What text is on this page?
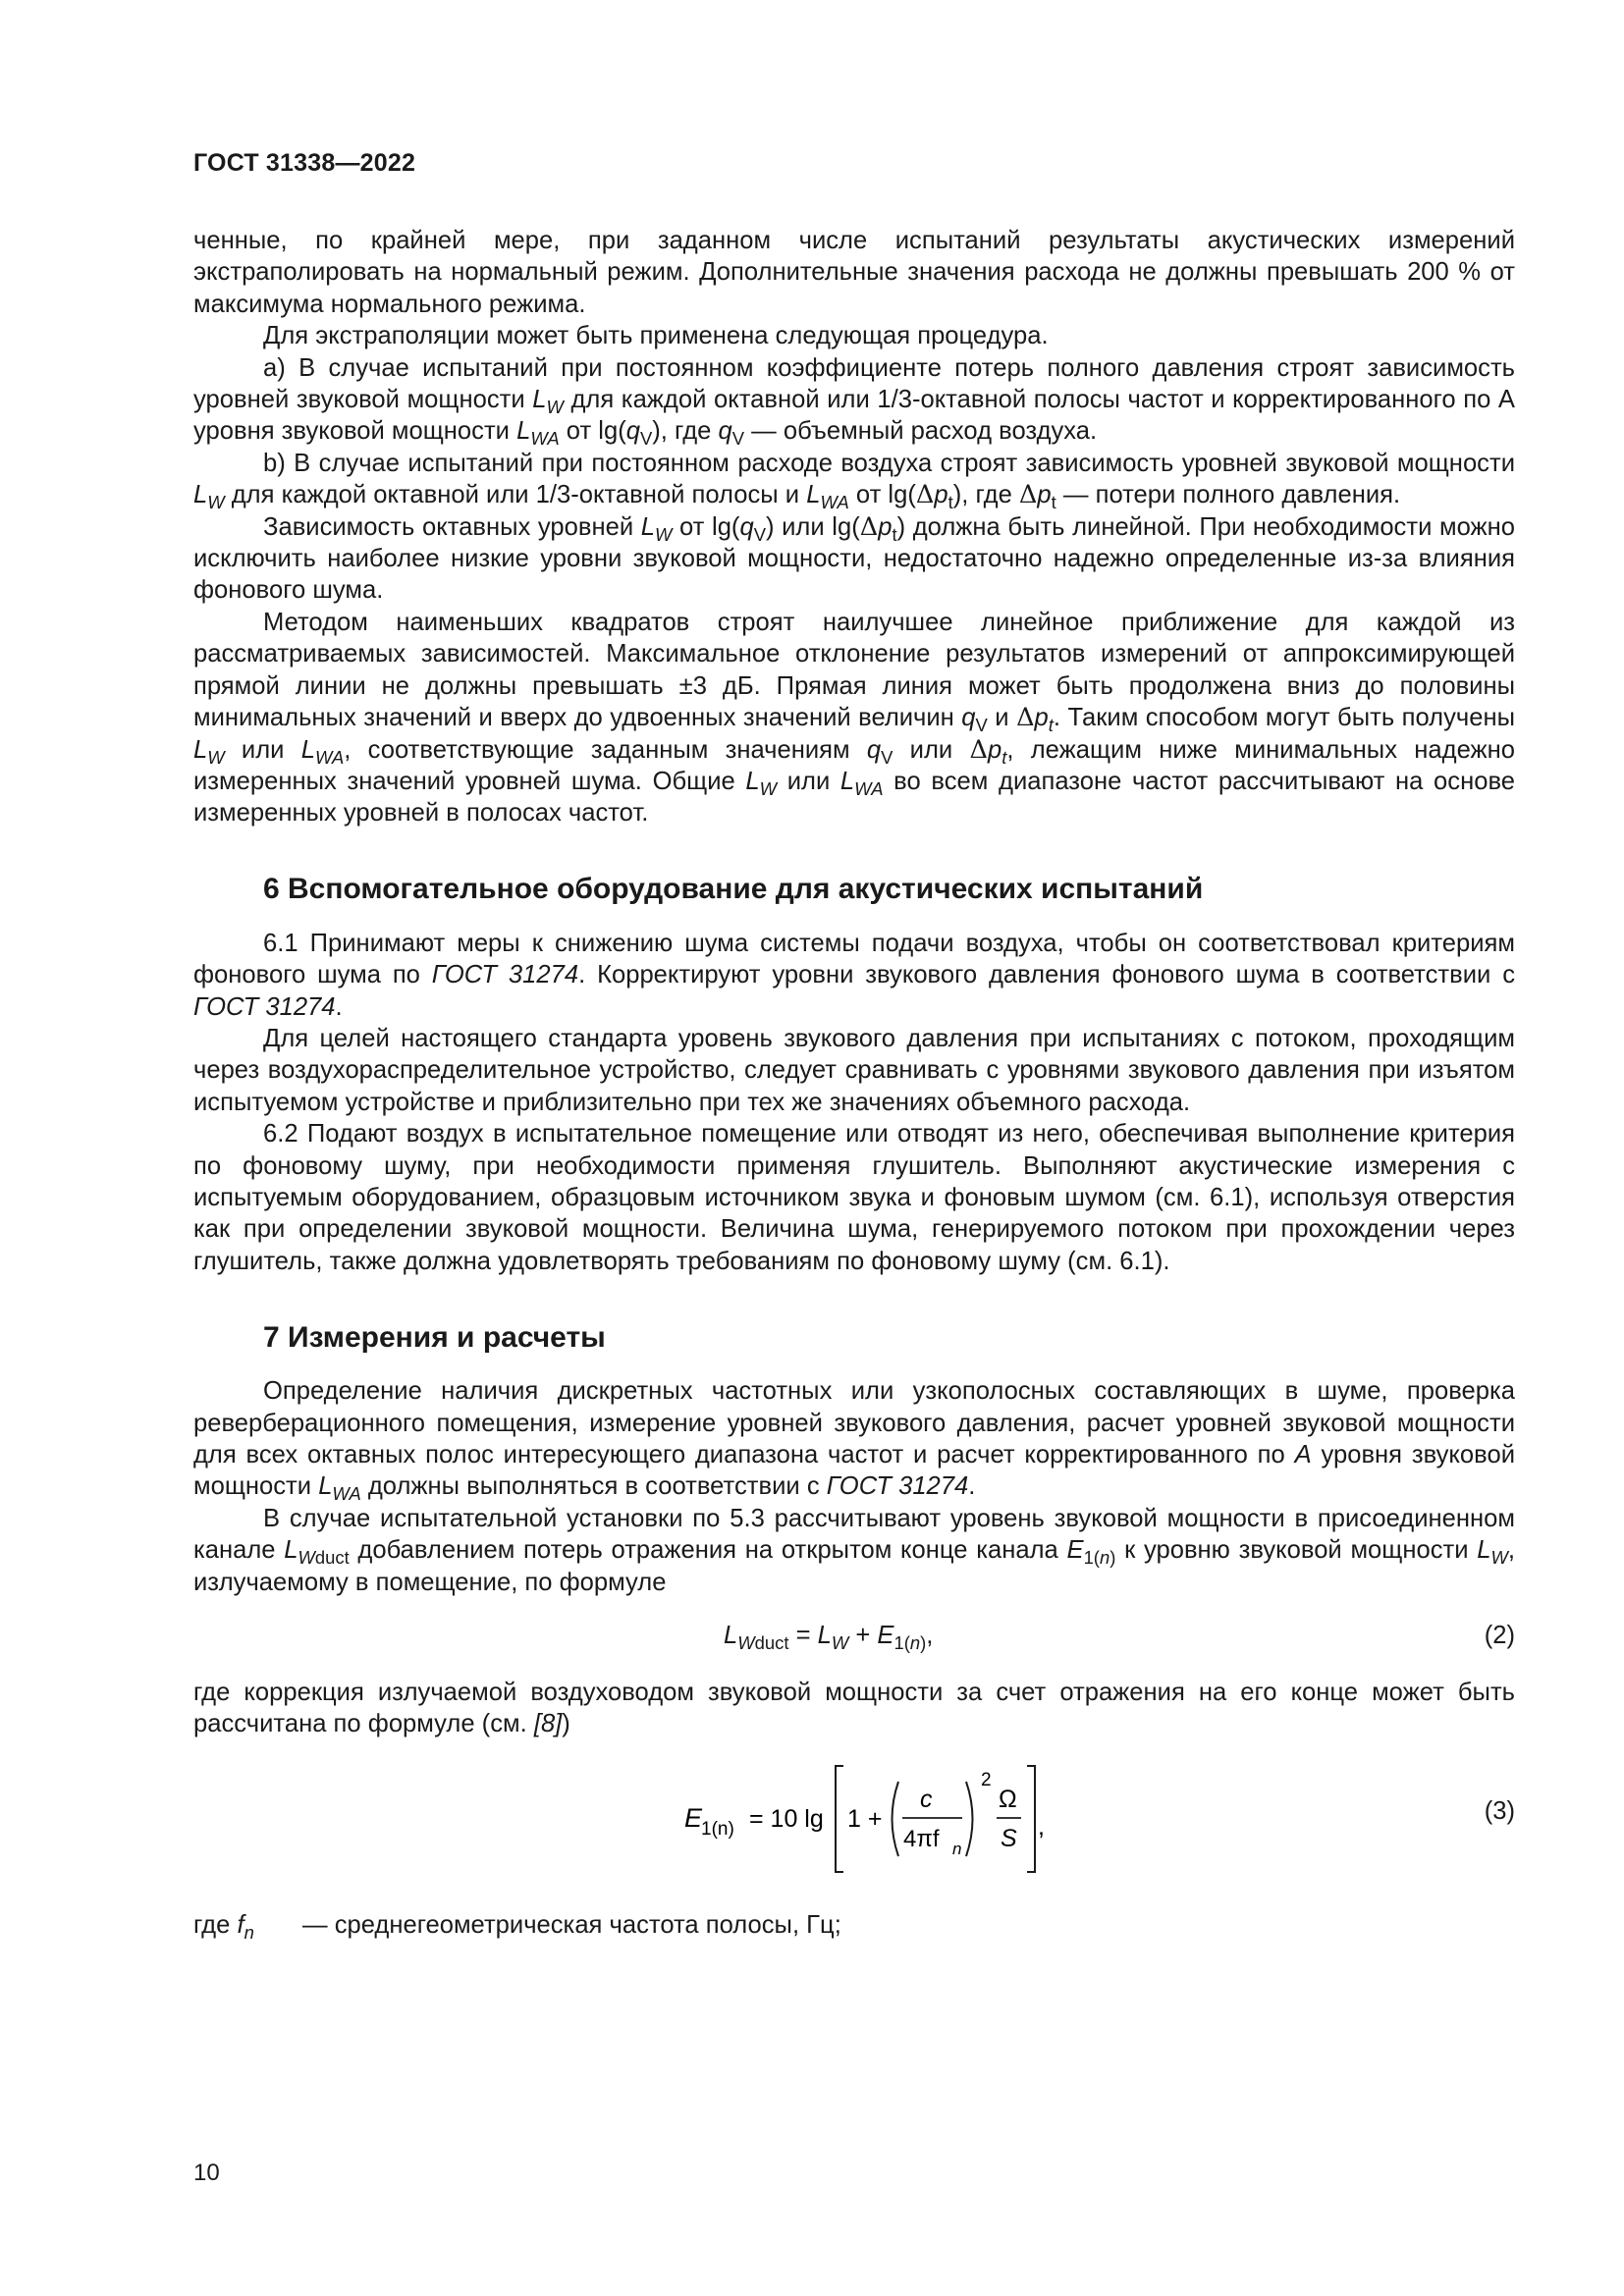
ГОСТ 31338—2022

ченные, по крайней мере, при заданном числе испытаний результаты акустических измерений экстраполировать на нормальный режим. Дополнительные значения расхода не должны превышать 200 % от максимума нормального режима.

Для экстраполяции может быть применена следующая процедура.

a) В случае испытаний при постоянном коэффициенте потерь полного давления строят зависимость уровней звуковой мощности $L_W$ для каждой октавной или 1/3-октавной полосы частот и корректированного по А уровня звуковой мощности $L_{WA}$ от $\lg(q_V)$, где $q_V$ — объемный расход воздуха.

b) В случае испытаний при постоянном расходе воздуха строят зависимость уровней звуковой мощности $L_W$ для каждой октавной или 1/3-октавной полосы и $L_{WA}$ от $\lg(\Delta p_t)$, где $\Delta p_t$ — потери полного давления.

Зависимость октавных уровней $L_W$ от $\lg(q_V)$ или $\lg(\Delta p_t)$ должна быть линейной. При необходимости можно исключить наиболее низкие уровни звуковой мощности, недостаточно надежно определенные из-за влияния фонового шума.

Методом наименьших квадратов строят наилучшее линейное приближение для каждой из рассматриваемых зависимостей. Максимальное отклонение результатов измерений от аппроксимирующей прямой линии не должны превышать ±3 дБ. Прямая линия может быть продолжена вниз до половины минимальных значений и вверх до удвоенных значений величин $q_V$ и $\Delta p_t$. Таким способом могут быть получены $L_W$ или $L_{WA}$, соответствующие заданным значениям $q_V$ или $\Delta p_t$, лежащим ниже минимальных надежно измеренных значений уровней шума. Общие $L_W$ или $L_{WA}$ во всем диапазоне частот рассчитывают на основе измеренных уровней в полосах частот.

6 Вспомогательное оборудование для акустических испытаний

6.1 Принимают меры к снижению шума системы подачи воздуха, чтобы он соответствовал критериям фонового шума по ГОСТ 31274. Корректируют уровни звукового давления фонового шума в соответствии с ГОСТ 31274.

Для целей настоящего стандарта уровень звукового давления при испытаниях с потоком, проходящим через воздухораспределительное устройство, следует сравнивать с уровнями звукового давления при изъятом испытуемом устройстве и приблизительно при тех же значениях объемного расхода.

6.2 Подают воздух в испытательное помещение или отводят из него, обеспечивая выполнение критерия по фоновому шуму, при необходимости применяя глушитель. Выполняют акустические измерения с испытуемым оборудованием, образцовым источником звука и фоновым шумом (см. 6.1), используя отверстия как при определении звуковой мощности. Величина шума, генерируемого потоком при прохождении через глушитель, также должна удовлетворять требованиям по фоновому шуму (см. 6.1).

7 Измерения и расчеты

Определение наличия дискретных частотных или узкополосных составляющих в шуме, проверка реверберационного помещения, измерение уровней звукового давления, расчет уровней звуковой мощности для всех октавных полос интересующего диапазона частот и расчет корректированного по А уровня звуковой мощности $L_{WA}$ должны выполняться в соответствии с ГОСТ 31274.

В случае испытательной установки по 5.3 рассчитывают уровень звуковой мощности в присоединенном канале $L_{Wduct}$ добавлением потерь отражения на открытом конце канала $E_{1(n)}$ к уровню звуковой мощности $L_W$, излучаемому в помещение, по формуле

$L_{Wduct} = L_W + E_{1(n)}$,	(2)

где коррекция излучаемой воздуховодом звуковой мощности за счет отражения на его конце может быть рассчитана по формуле (см. [8])

E
1(n) = 10 lg 1 +
c
4πf n
2
Ω
S ,
(3)
где $f_n$ — среднегеометрическая частота полосы, Гц;
10
